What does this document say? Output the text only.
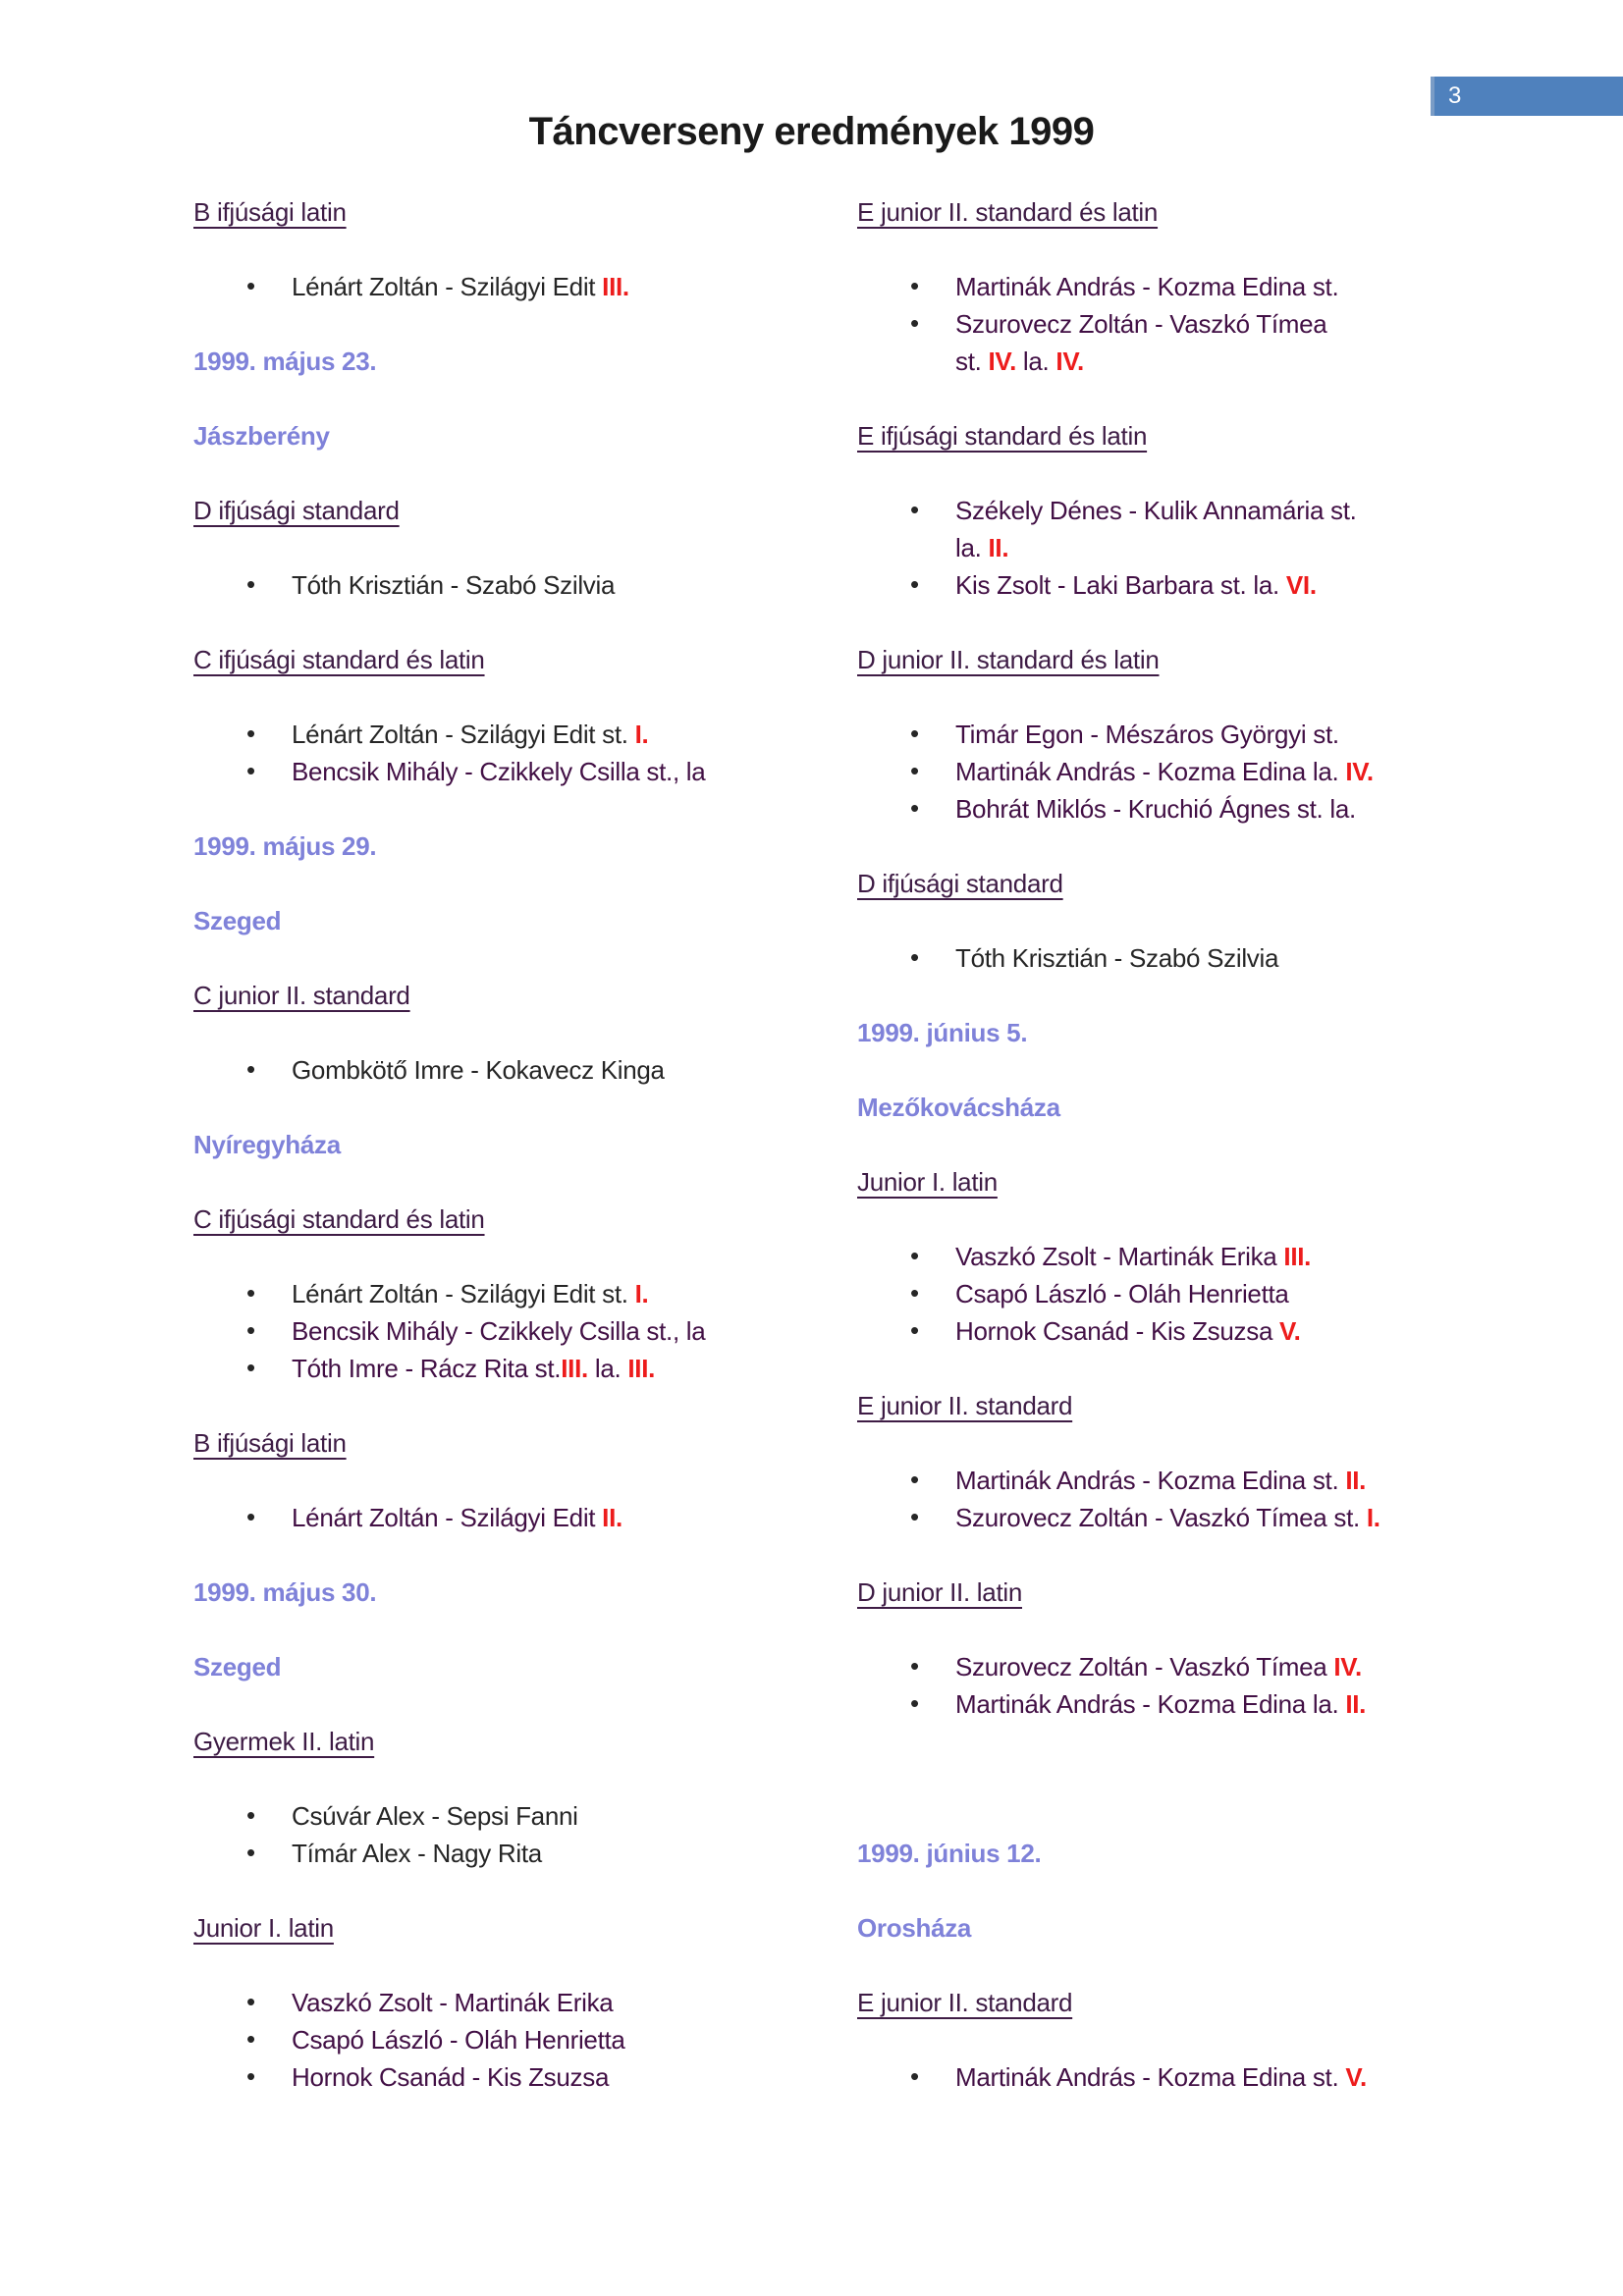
Táncverseny eredmények 1999
3
B ifjúsági latin
•	Lénárt Zoltán - Szilágyi Edit III.
1999. május 23.
Jászberény
D ifjúsági standard
•	Tóth Krisztián - Szabó Szilvia
C ifjúsági standard és latin
•	Lénárt Zoltán - Szilágyi Edit st. I.
•	Bencsik Mihály - Czikkely Csilla st., la
1999. május 29.
Szeged
C junior II. standard
•	Gombkötő Imre - Kokavecz Kinga
Nyíregyháza
C ifjúsági standard és latin
•	Lénárt Zoltán - Szilágyi Edit st. I.
•	Bencsik Mihály - Czikkely Csilla st., la
•	Tóth Imre - Rácz Rita st.III. la. III.
B ifjúsági latin
•	Lénárt Zoltán - Szilágyi Edit II.
1999. május 30.
Szeged
Gyermek II. latin
•	Csúvár Alex - Sepsi Fanni
•	Tímár Alex - Nagy Rita
Junior I. latin
•	Vaszkó Zsolt - Martinák Erika
•	Csapó László - Oláh Henrietta
•	Hornok Csanád - Kis Zsuzsa
E junior II. standard és latin
•	Martinák András - Kozma Edina st.
•	Szurovecz Zoltán - Vaszkó Tímea
st. IV. la. IV.
E ifjúsági standard és latin
•	Székely Dénes - Kulik Annamária st.
la. II.
•	Kis Zsolt - Laki Barbara st. la. VI.
D junior II. standard és latin
•	Timár Egon - Mészáros Györgyi st.
•	Martinák András - Kozma Edina la. IV.
•	Bohrát Miklós - Kruchió Ágnes st. la.
D ifjúsági standard
•	Tóth Krisztián - Szabó Szilvia
1999. június 5.
Mezőkovácsháza
Junior I. latin
•	Vaszkó Zsolt - Martinák Erika III.
•	Csapó László - Oláh Henrietta
•	Hornok Csanád - Kis Zsuzsa V.
E junior II. standard
•	Martinák András - Kozma Edina st. II.
•	Szurovecz Zoltán - Vaszkó Tímea st. I.
D junior II. latin
•	Szurovecz Zoltán - Vaszkó Tímea IV.
•	Martinák András - Kozma Edina la. II.
1999. június 12.
Orosháza
E junior II. standard
•	Martinák András - Kozma Edina st. V.
